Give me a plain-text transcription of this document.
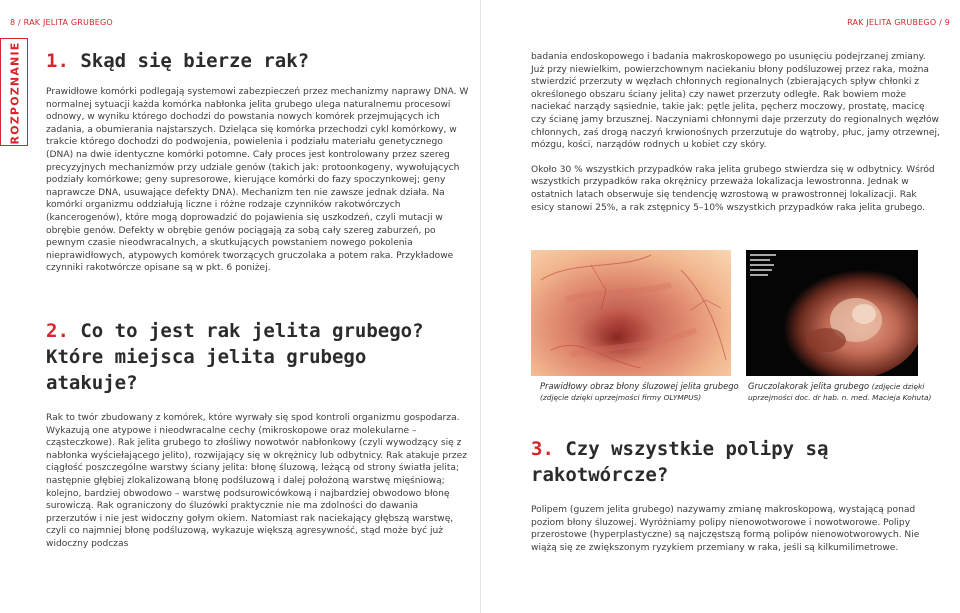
8 / RAK JELITA GRUBEGO	RAK JELITA GRUBEGO / 9
ROZPOZNANIE 1. Skąd się bierze rak?

Prawidłowe komórki podlegają systemowi zabezpieczeń przez mechanizmy naprawy DNA. W normalnej sytuacji każda komórka nabłonka jelita grubego ulega naturalnemu procesowi odnowy, w wyniku którego dochodzi do powstania nowych komórek przejmujących ich zadania, a obumierania najstarszych. Dzieląca się komórka przechodzi cykl komórkowy, w trakcie którego dochodzi do podwojenia, powielenia i podziału materiału genetycznego (DNA) na dwie identyczne komórki potomne. Cały proces jest kontrolowany przez szereg precyzyjnych mechanizmów przy udziale genów (takich jak: protoonkogeny, wywołujących podziały komórkowe; geny supresorowe, kierujące komórki do fazy spoczynkowej; geny naprawcze DNA, usuwające defekty DNA). Mechanizm ten nie zawsze jednak działa. Na komórki organizmu oddziałują liczne i różne rodzaje czynników rakotwórczych (kancerogenów), które mogą doprowadzić do pojawienia się uszkodzeń, czyli mutacji w obrębie genów. Defekty w obrębie genów pociągają za sobą cały szereg zaburzeń, po pewnym czasie nieodwracalnych, a skutkujących powstaniem nowego pokolenia nieprawidłowych, atypowych komórek tworzących gruczolaka a potem raka. Przykładowe czynniki rakotwórcze opisane są w pkt. 6 poniżej.

2. Co to jest rak jelita grubego? Które miejsca jelita grubego atakuje?

Rak to twór zbudowany z komórek, które wyrwały się spod kontroli organizmu gospodarza. Wykazują one atypowe i nieodwracalne cechy (mikroskopowe oraz molekularne – cząsteczkowe). Rak jelita grubego to złośliwy nowotwór nabłonkowy (czyli wywodzący się z nabłonka wyściełającego jelito), rozwijający się w okrężnicy lub odbytnicy. Rak atakuje przez ciągłość poszczególne warstwy ściany jelita: błonę śluzową, leżącą od strony światła jelita; następnie głębiej zlokalizowaną błonę podśluzową i dalej położoną warstwę mięśniową; kolejno, bardziej obwodowo – warstwę podsurowicówkową i najbardziej obwodowo błonę surowiczą. Rak ograniczony do śluzówki praktycznie nie ma zdolności do dawania przerzutów i nie jest widoczny gołym okiem. Natomiast rak naciekający głębszą warstwę, czyli co najmniej błonę podśluzową, wykazuje większą agresywność, stąd może być już widoczny podczas

badania endoskopowego i badania makroskopowego po usunięciu podejrzanej zmiany. Już przy niewielkim, powierzchownym naciekaniu błony podśluzowej przez raka, można stwierdzić przerzuty w węzłach chłonnych regionalnych (zbierających spływ chłonki z określonego obszaru ściany jelita) czy nawet przerzuty odległe. Rak bowiem może naciekać narządy sąsiednie, takie jak: pętle jelita, pęcherz moczowy, prostatę, macicę czy ścianę jamy brzusznej. Naczyniami chłonnymi daje przerzuty do regionalnych węzłów chłonnych, zaś drogą naczyń krwionośnych przerzutuje do wątroby, płuc, jamy otrzewnej, mózgu, kości, narządów rodnych u kobiet czy skóry.

Około 30 % wszystkich przypadków raka jelita grubego stwierdza się w odbytnicy. Wśród wszystkich przypadków raka okrężnicy przeważa lokalizacja lewostronna. Jednak w ostatnich latach obserwuje się tendencję wzrostową w prawostronnej lokalizacji. Rak esicy stanowi 25%, a rak zstępnicy 5–10% wszystkich przypadków raka jelita grubego.

Prawidłowy obraz błony śluzowej jelita grubego
(zdjęcie dzięki uprzejmości firmy OLYMPUS)
Gruczolakorak jelita grubego (zdjęcie dzięki uprzejmości doc. dr hab. n. med. Macieja Kohuta)
3. Czy wszystkie polipy są rakotwórcze?

Polipem (guzem jelita grubego) nazywamy zmianę makroskopową, wystającą ponad poziom błony śluzowej. Wyróżniamy polipy nienowotworowe i nowotworowe. Polipy przerostowe (hyperplastyczne) są najczęstszą formą polipów nienowotworowych. Nie wiążą się ze zwiększonym ryzykiem przemiany w raka, jeśli są kilkumilimetrowe.
